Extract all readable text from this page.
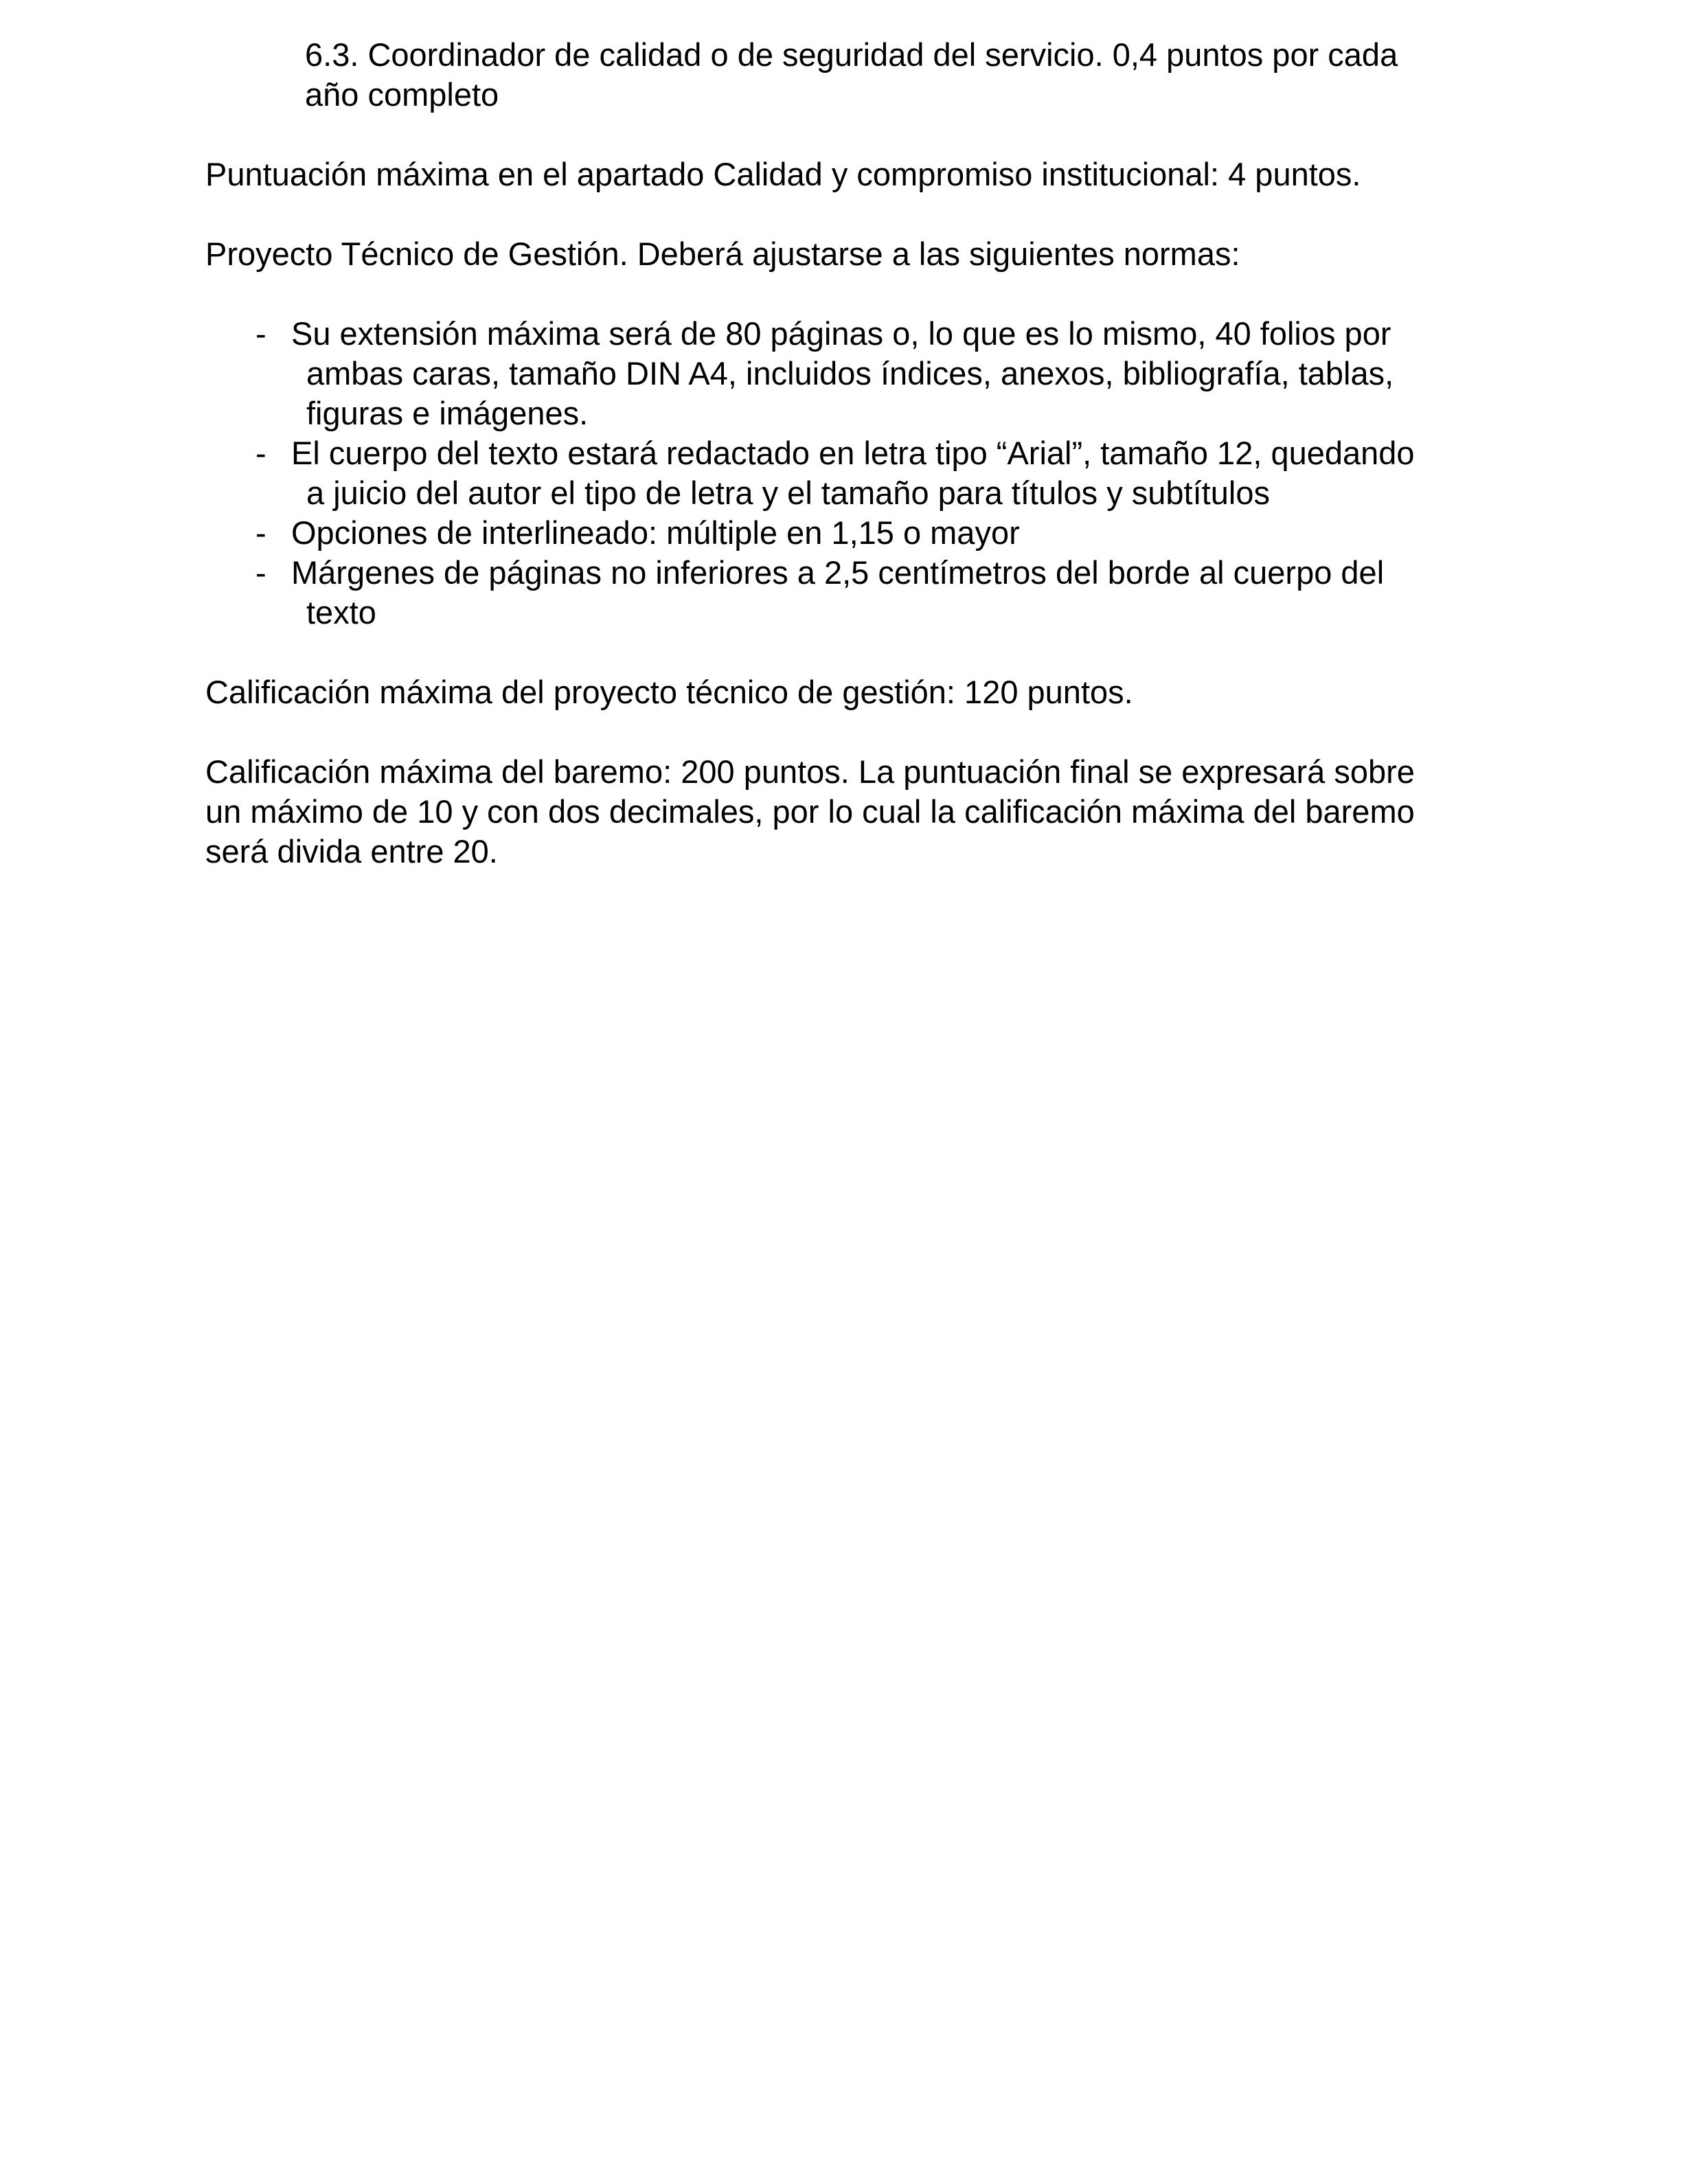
6.3. Coordinador de calidad o de seguridad del servicio. 0,4 puntos por cada
año completo
Puntuación máxima en el apartado Calidad y compromiso institucional: 4 puntos.
Proyecto Técnico de Gestión. Deberá ajustarse a las siguientes normas:
- Su extensión máxima será de 80 páginas o, lo que es lo mismo, 40 folios por
ambas caras, tamaño DIN A4, incluidos índices, anexos, bibliografía, tablas,
figuras e imágenes.
- El cuerpo del texto estará redactado en letra tipo “Arial”, tamaño 12, quedando
a juicio del autor el tipo de letra y el tamaño para títulos y subtítulos
- Opciones de interlineado: múltiple en 1,15 o mayor
- Márgenes de páginas no inferiores a 2,5 centímetros del borde al cuerpo del
texto
Calificación máxima del proyecto técnico de gestión: 120 puntos.
Calificación máxima del baremo: 200 puntos. La puntuación final se expresará sobre
un máximo de 10 y con dos decimales, por lo cual la calificación máxima del baremo
será divida entre 20.
